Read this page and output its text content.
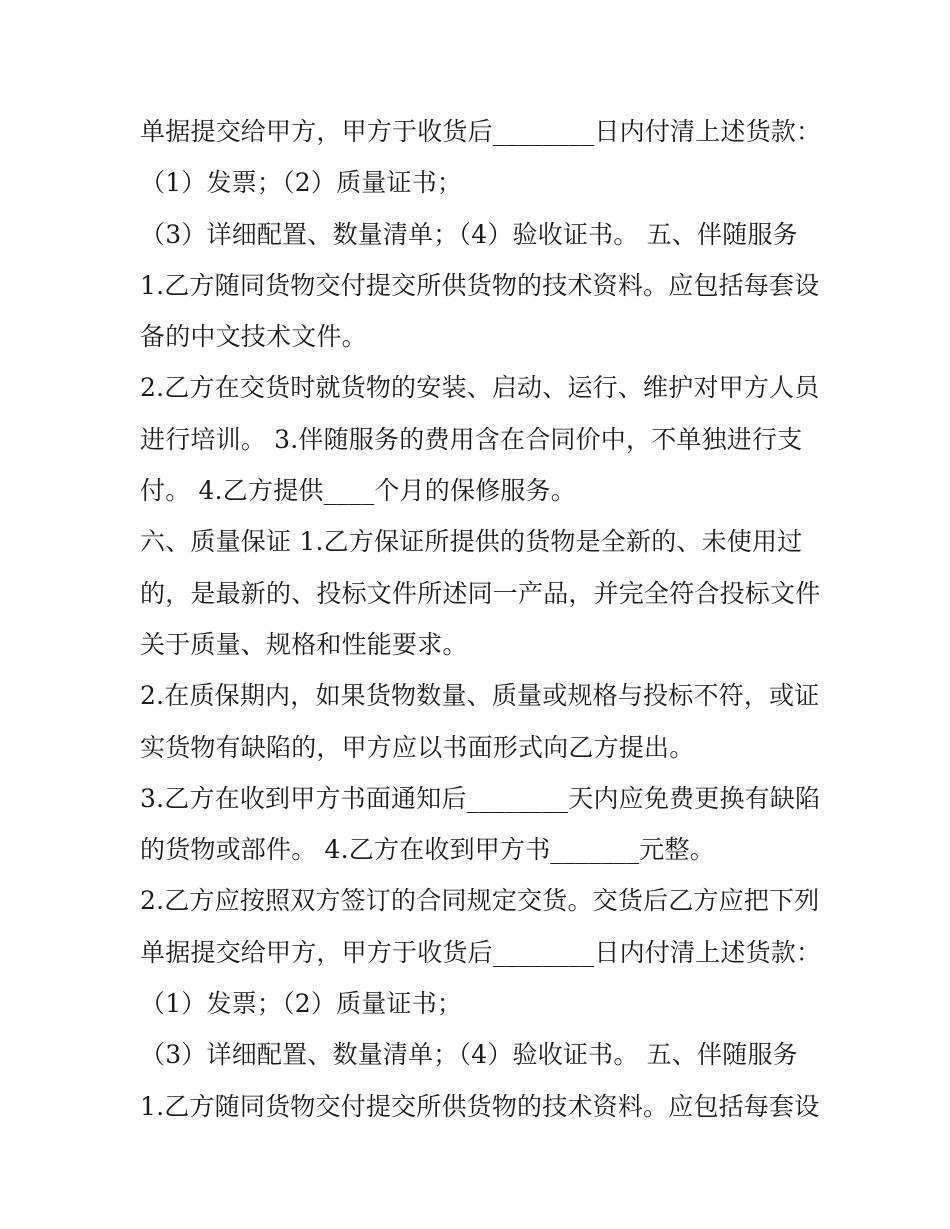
单据提交给甲方，甲方于收货后________日内付清上述货款：
（1）发票；（2）质量证书；
（3）详细配置、数量清单；（4）验收证书。 五、伴随服务
1.乙方随同货物交付提交所供货物的技术资料。应包括每套设
备的中文技术文件。
2.乙方在交货时就货物的安装、启动、运行、维护对甲方人员
进行培训。 3.伴随服务的费用含在合同价中，不单独进行支
付。 4.乙方提供____个月的保修服务。
六、质量保证 1.乙方保证所提供的货物是全新的、未使用过
的，是最新的、投标文件所述同一产品，并完全符合投标文件
关于质量、规格和性能要求。
2.在质保期内，如果货物数量、质量或规格与投标不符，或证
实货物有缺陷的，甲方应以书面形式向乙方提出。
3.乙方在收到甲方书面通知后________天内应免费更换有缺陷
的货物或部件。 4.乙方在收到甲方书_______元整。
2.乙方应按照双方签订的合同规定交货。交货后乙方应把下列
单据提交给甲方，甲方于收货后________日内付清上述货款：
（1）发票；（2）质量证书；
（3）详细配置、数量清单；（4）验收证书。 五、伴随服务
1.乙方随同货物交付提交所供货物的技术资料。应包括每套设
